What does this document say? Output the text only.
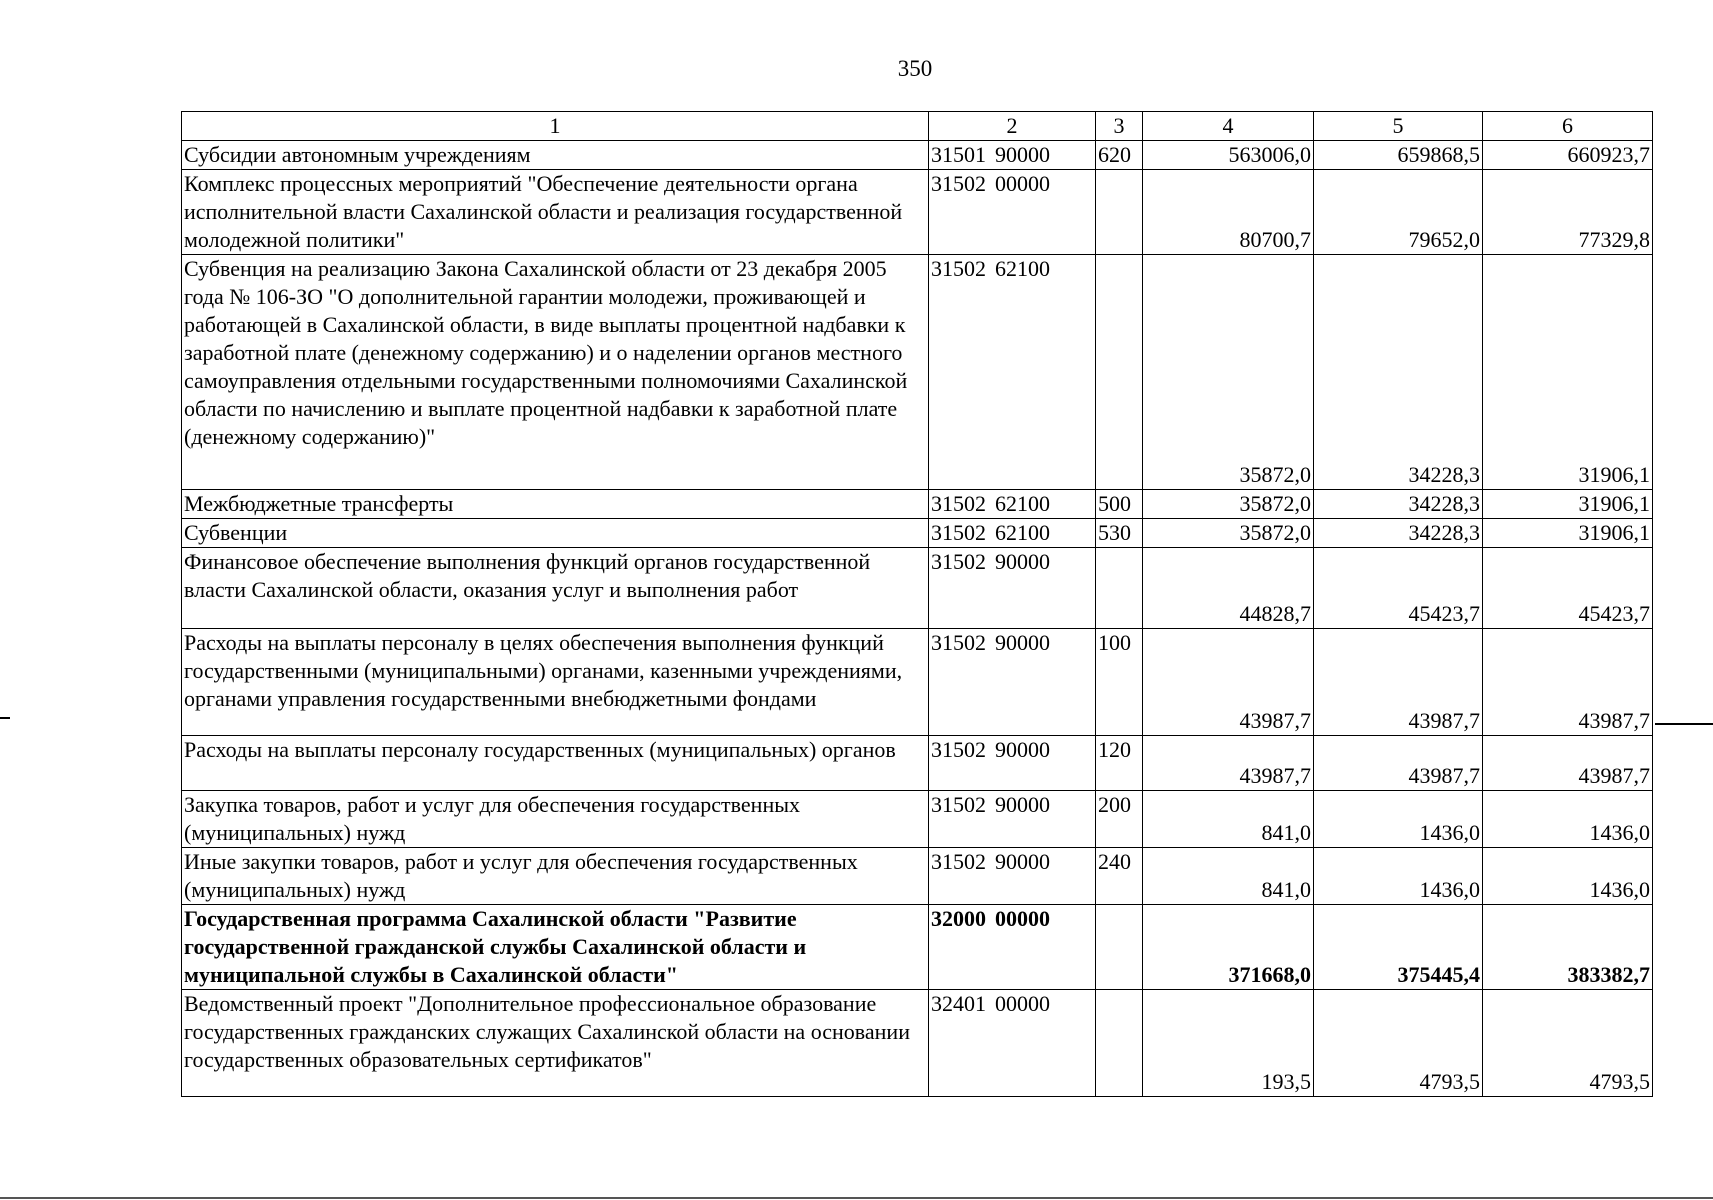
350
1	2	3	4	5	6
Субсидии автономным учреждениям	31501 90000	620	563006,0	659868,5	660923,7
Комплекс процессных мероприятий "Обеспечение деятельности органа исполнительной власти Сахалинской области и реализация государственной молодежной политики"	31502 00000		80700,7	79652,0	77329,8
Субвенция на реализацию Закона Сахалинской области от 23 декабря 2005 года № 106-ЗО "О дополнительной гарантии молодежи, проживающей и работающей в Сахалинской области, в виде выплаты процентной надбавки к заработной плате (денежному содержанию) и о наделении органов местного самоуправления отдельными государственными полномочиями Сахалинской области по начислению и выплате процентной надбавки к заработной плате (денежному содержанию)"	31502 62100		35872,0	34228,3	31906,1
Межбюджетные трансферты	31502 62100	500	35872,0	34228,3	31906,1
Субвенции	31502 62100	530	35872,0	34228,3	31906,1
Финансовое обеспечение выполнения функций органов государственной власти Сахалинской области, оказания услуг и выполнения работ	31502 90000		44828,7	45423,7	45423,7
Расходы на выплаты персоналу в целях обеспечения выполнения функций государственными (муниципальными) органами, казенными учреждениями, органами управления государственными внебюджетными фондами	31502 90000	100	43987,7	43987,7	43987,7
Расходы на выплаты персоналу государственных (муниципальных) органов	31502 90000	120	43987,7	43987,7	43987,7
Закупка товаров, работ и услуг для обеспечения государственных (муниципальных) нужд	31502 90000	200	841,0	1436,0	1436,0
Иные закупки товаров, работ и услуг для обеспечения государственных (муниципальных) нужд	31502 90000	240	841,0	1436,0	1436,0
Государственная программа Сахалинской области "Развитие государственной гражданской службы Сахалинской области и муниципальной службы в Сахалинской области"	32000 00000		371668,0	375445,4	383382,7
Ведомственный проект "Дополнительное профессиональное образование государственных гражданских служащих Сахалинской области на основании государственных образовательных сертификатов"	32401 00000		193,5	4793,5	4793,5
